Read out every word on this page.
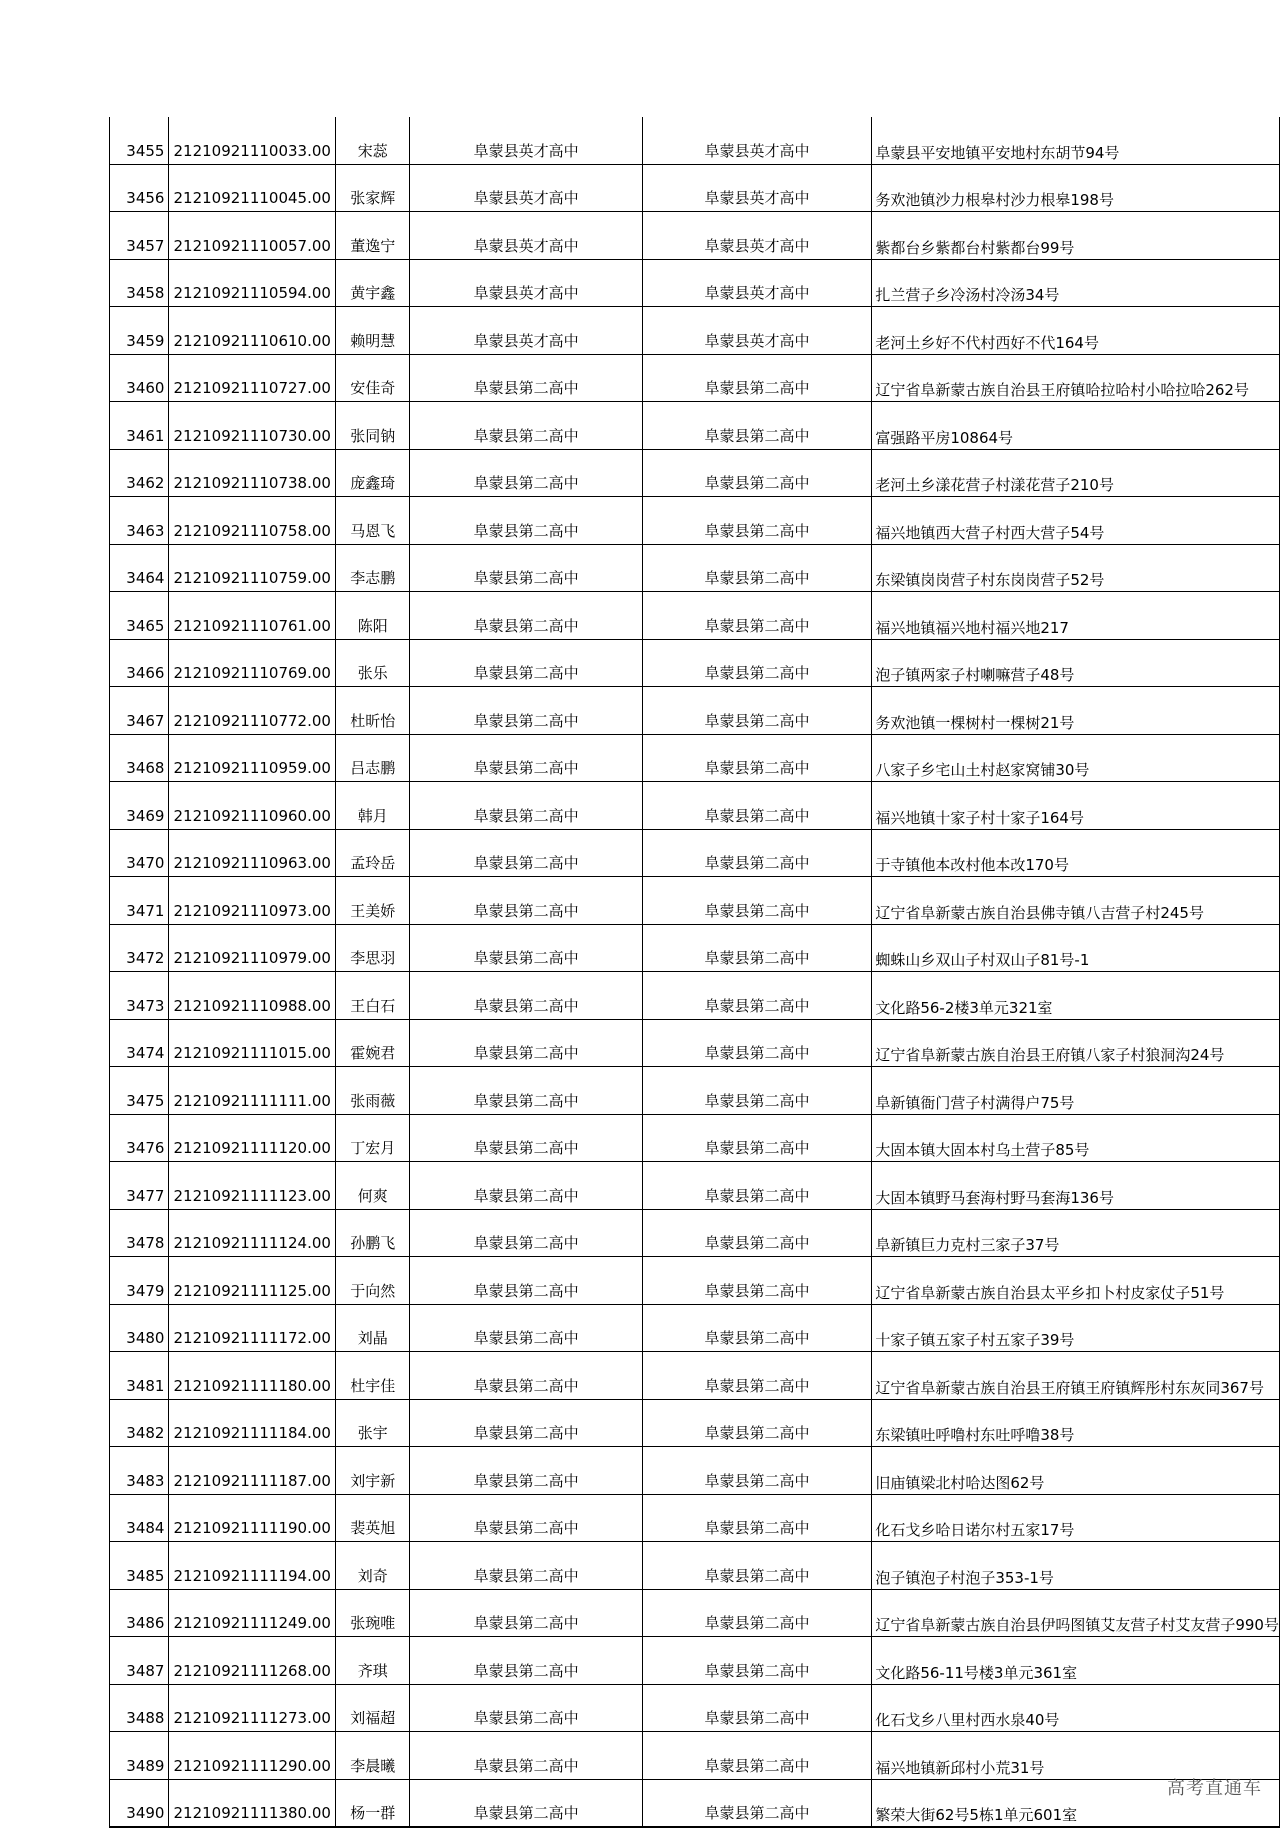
3455	21210921110033.00	宋蕊	阜蒙县英才高中	阜蒙县英才高中	阜蒙县平安地镇平安地村东胡节94号
3456	21210921110045.00	张家辉	阜蒙县英才高中	阜蒙县英才高中	务欢池镇沙力根皋村沙力根皋198号
3457	21210921110057.00	董逸宁	阜蒙县英才高中	阜蒙县英才高中	紫都台乡紫都台村紫都台99号
3458	21210921110594.00	黄宇鑫	阜蒙县英才高中	阜蒙县英才高中	扎兰营子乡冷汤村冷汤34号
3459	21210921110610.00	赖明慧	阜蒙县英才高中	阜蒙县英才高中	老河土乡好不代村西好不代164号
3460	21210921110727.00	安佳奇	阜蒙县第二高中	阜蒙县第二高中	辽宁省阜新蒙古族自治县王府镇哈拉哈村小哈拉哈262号
3461	21210921110730.00	张同钠	阜蒙县第二高中	阜蒙县第二高中	富强路平房10864号
3462	21210921110738.00	庞鑫琦	阜蒙县第二高中	阜蒙县第二高中	老河土乡漾花营子村漾花营子210号
3463	21210921110758.00	马恩飞	阜蒙县第二高中	阜蒙县第二高中	福兴地镇西大营子村西大营子54号
3464	21210921110759.00	李志鹏	阜蒙县第二高中	阜蒙县第二高中	东梁镇岗岗营子村东岗岗营子52号
3465	21210921110761.00	陈阳	阜蒙县第二高中	阜蒙县第二高中	福兴地镇福兴地村福兴地217
3466	21210921110769.00	张乐	阜蒙县第二高中	阜蒙县第二高中	泡子镇两家子村喇嘛营子48号
3467	21210921110772.00	杜昕怡	阜蒙县第二高中	阜蒙县第二高中	务欢池镇一棵树村一棵树21号
3468	21210921110959.00	吕志鹏	阜蒙县第二高中	阜蒙县第二高中	八家子乡宅山土村赵家窝铺30号
3469	21210921110960.00	韩月	阜蒙县第二高中	阜蒙县第二高中	福兴地镇十家子村十家子164号
3470	21210921110963.00	孟玲岳	阜蒙县第二高中	阜蒙县第二高中	于寺镇他本改村他本改170号
3471	21210921110973.00	王美娇	阜蒙县第二高中	阜蒙县第二高中	辽宁省阜新蒙古族自治县佛寺镇八吉营子村245号
3472	21210921110979.00	李思羽	阜蒙县第二高中	阜蒙县第二高中	蜘蛛山乡双山子村双山子81号-1
3473	21210921110988.00	王白石	阜蒙县第二高中	阜蒙县第二高中	文化路56-2楼3单元321室
3474	21210921111015.00	霍婉君	阜蒙县第二高中	阜蒙县第二高中	辽宁省阜新蒙古族自治县王府镇八家子村狼洞沟24号
3475	21210921111111.00	张雨薇	阜蒙县第二高中	阜蒙县第二高中	阜新镇衙门营子村满得户75号
3476	21210921111120.00	丁宏月	阜蒙县第二高中	阜蒙县第二高中	大固本镇大固本村乌土营子85号
3477	21210921111123.00	何爽	阜蒙县第二高中	阜蒙县第二高中	大固本镇野马套海村野马套海136号
3478	21210921111124.00	孙鹏飞	阜蒙县第二高中	阜蒙县第二高中	阜新镇巨力克村三家子37号
3479	21210921111125.00	于向然	阜蒙县第二高中	阜蒙县第二高中	辽宁省阜新蒙古族自治县太平乡扣卜村皮家仗子51号
3480	21210921111172.00	刘晶	阜蒙县第二高中	阜蒙县第二高中	十家子镇五家子村五家子39号
3481	21210921111180.00	杜宇佳	阜蒙县第二高中	阜蒙县第二高中	辽宁省阜新蒙古族自治县王府镇王府镇辉彤村东灰同367号
3482	21210921111184.00	张宇	阜蒙县第二高中	阜蒙县第二高中	东梁镇吐呼噜村东吐呼噜38号
3483	21210921111187.00	刘宇新	阜蒙县第二高中	阜蒙县第二高中	旧庙镇梁北村哈达图62号
3484	21210921111190.00	裴英旭	阜蒙县第二高中	阜蒙县第二高中	化石戈乡哈日诺尔村五家17号
3485	21210921111194.00	刘奇	阜蒙县第二高中	阜蒙县第二高中	泡子镇泡子村泡子353-1号
3486	21210921111249.00	张琬唯	阜蒙县第二高中	阜蒙县第二高中	辽宁省阜新蒙古族自治县伊吗图镇艾友营子村艾友营子990号
3487	21210921111268.00	齐琪	阜蒙县第二高中	阜蒙县第二高中	文化路56-11号楼3单元361室
3488	21210921111273.00	刘福超	阜蒙县第二高中	阜蒙县第二高中	化石戈乡八里村西水泉40号
3489	21210921111290.00	李晨曦	阜蒙县第二高中	阜蒙县第二高中	福兴地镇新邱村小荒31号
3490	21210921111380.00	杨一群	阜蒙县第二高中	阜蒙县第二高中	繁荣大街62号5栋1单元601室
高考直通车
